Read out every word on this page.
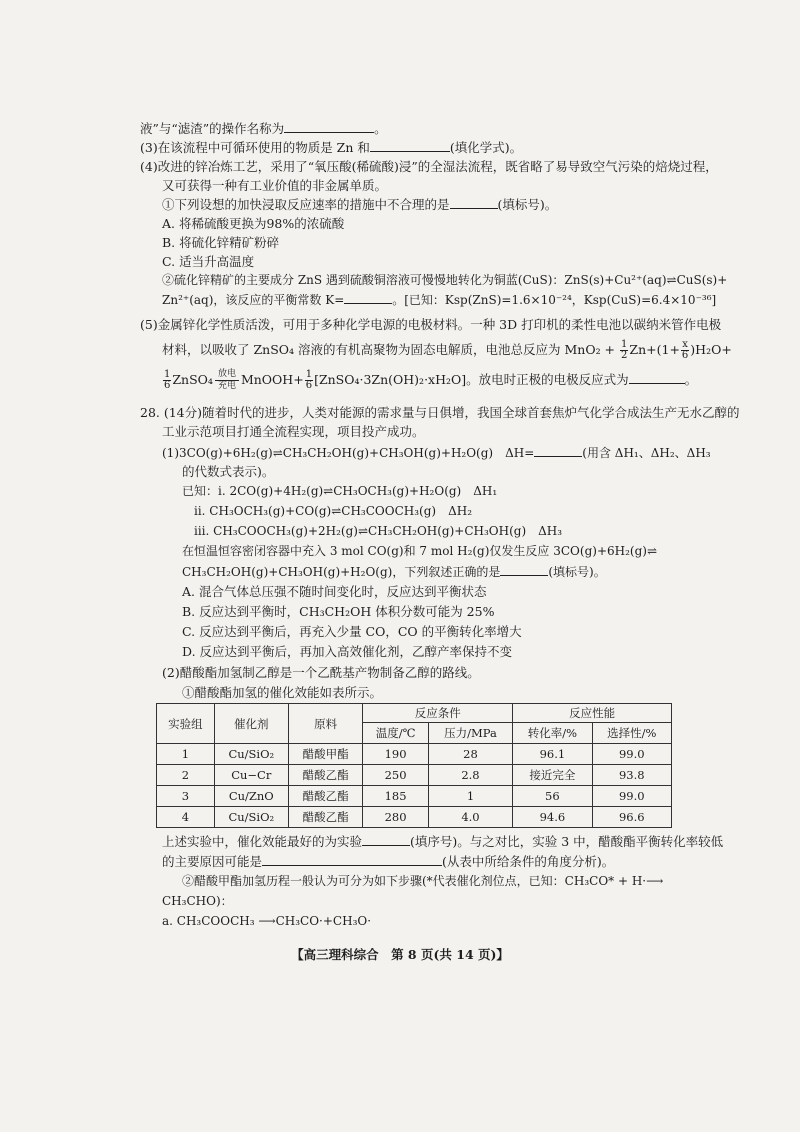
液”与“滤渣”的操作名称为	。
(3)在该流程中可循环使用的物质是 Zn 和	(填化学式)。
(4)改进的锌冶炼工艺，采用了“氧压酸(稀硫酸)浸”的全湿法流程，既省略了易导致空气污染的焙烧过程，
又可获得一种有工业价值的非金属单质。
①下列设想的加快浸取反应速率的措施中不合理的是	(填标号)。
A. 将稀硫酸更换为98%的浓硫酸
B. 将硫化锌精矿粉碎
C. 适当升高温度
②硫化锌精矿的主要成分 ZnS 遇到硫酸铜溶液可慢慢地转化为铜蓝(CuS)：ZnS(s)+Cu²⁺(aq)⇌CuS(s)+
Zn²⁺(aq)，该反应的平衡常数 K=	。[已知：Ksp(ZnS)=1.6×10⁻²⁴，Ksp(CuS)=6.4×10⁻³⁶]
(5)金属锌化学性质活泼，可用于多种化学电源的电极材料。一种 3D 打印机的柔性电池以碳纳米管作电极
材料，以吸收了 ZnSO₄ 溶液的有机高聚物为固态电解质，电池总反应为 $MnO_2 + \frac{1}{2} Zn+(1+ \frac{x}{6} )H_2O+$
$\frac{1}{6}$ ZnSO₄ 放电
充电 MnOOH+ $\frac{1}{6}$ [ZnSO₄·3Zn(OH)₂·xH₂O]。放电时正极的电极反应式为	。
28. (14分)随着时代的进步，人类对能源的需求量与日俱增，我国全球首套焦炉气化学合成法生产无水乙醇的
工业示范项目打通全流程实现，项目投产成功。
(1)3CO(g)+6H₂(g)⇌CH₃CH₂OH(g)+CH₃OH(g)+H₂O(g)　ΔH=	(用含 ΔH₁、ΔH₂、ΔH₃
的代数式表示)。
已知：ⅰ. 2CO(g)+4H₂(g)⇌CH₃OCH₃(g)+H₂O(g)　ΔH₁
ⅱ. CH₃OCH₃(g)+CO(g)⇌CH₃COOCH₃(g)　ΔH₂
ⅲ. CH₃COOCH₃(g)+2H₂(g)⇌CH₃CH₂OH(g)+CH₃OH(g)　ΔH₃
在恒温恒容密闭容器中充入 3 mol CO(g)和 7 mol H₂(g)仅发生反应 3CO(g)+6H₂(g)⇌
CH₃CH₂OH(g)+CH₃OH(g)+H₂O(g)，下列叙述正确的是	(填标号)。
A. 混合气体总压强不随时间变化时，反应达到平衡状态
B. 反应达到平衡时，CH₃CH₂OH 体积分数可能为 25%
C. 反应达到平衡后，再充入少量 CO，CO 的平衡转化率增大
D. 反应达到平衡后，再加入高效催化剂，乙醇产率保持不变
(2)醋酸酯加氢制乙醇是一个乙酰基产物制备乙醇的路线。
①醋酸酯加氢的催化效能如表所示。
实验组	催化剂	原料	反应条件		反应性能	
			温度/℃	压力/MPa	转化率/%	选择性/%
1	Cu/SiO₂	醋酸甲酯	190	28	96.1	99.0
2	Cu−Cr	醋酸乙酯	250	2.8	接近完全	93.8
3	Cu/ZnO	醋酸乙酯	185	1	56	99.0
4	Cu/SiO₂	醋酸乙酯	280	4.0	94.6	96.6
上述实验中，催化效能最好的为实验	(填序号)。与之对比，实验 3 中，醋酸酯平衡转化率较低
的主要原因可能是	(从表中所给条件的角度分析)。
②醋酸甲酯加氢历程一般认为可分为如下步骤(*代表催化剂位点，已知：CH₃CO* + H·⟶
CH₃CHO)：
a. CH₃COOCH₃ ⟶CH₃CO·+CH₃O·
【高三理科综合　第 8 页(共 14 页)】
